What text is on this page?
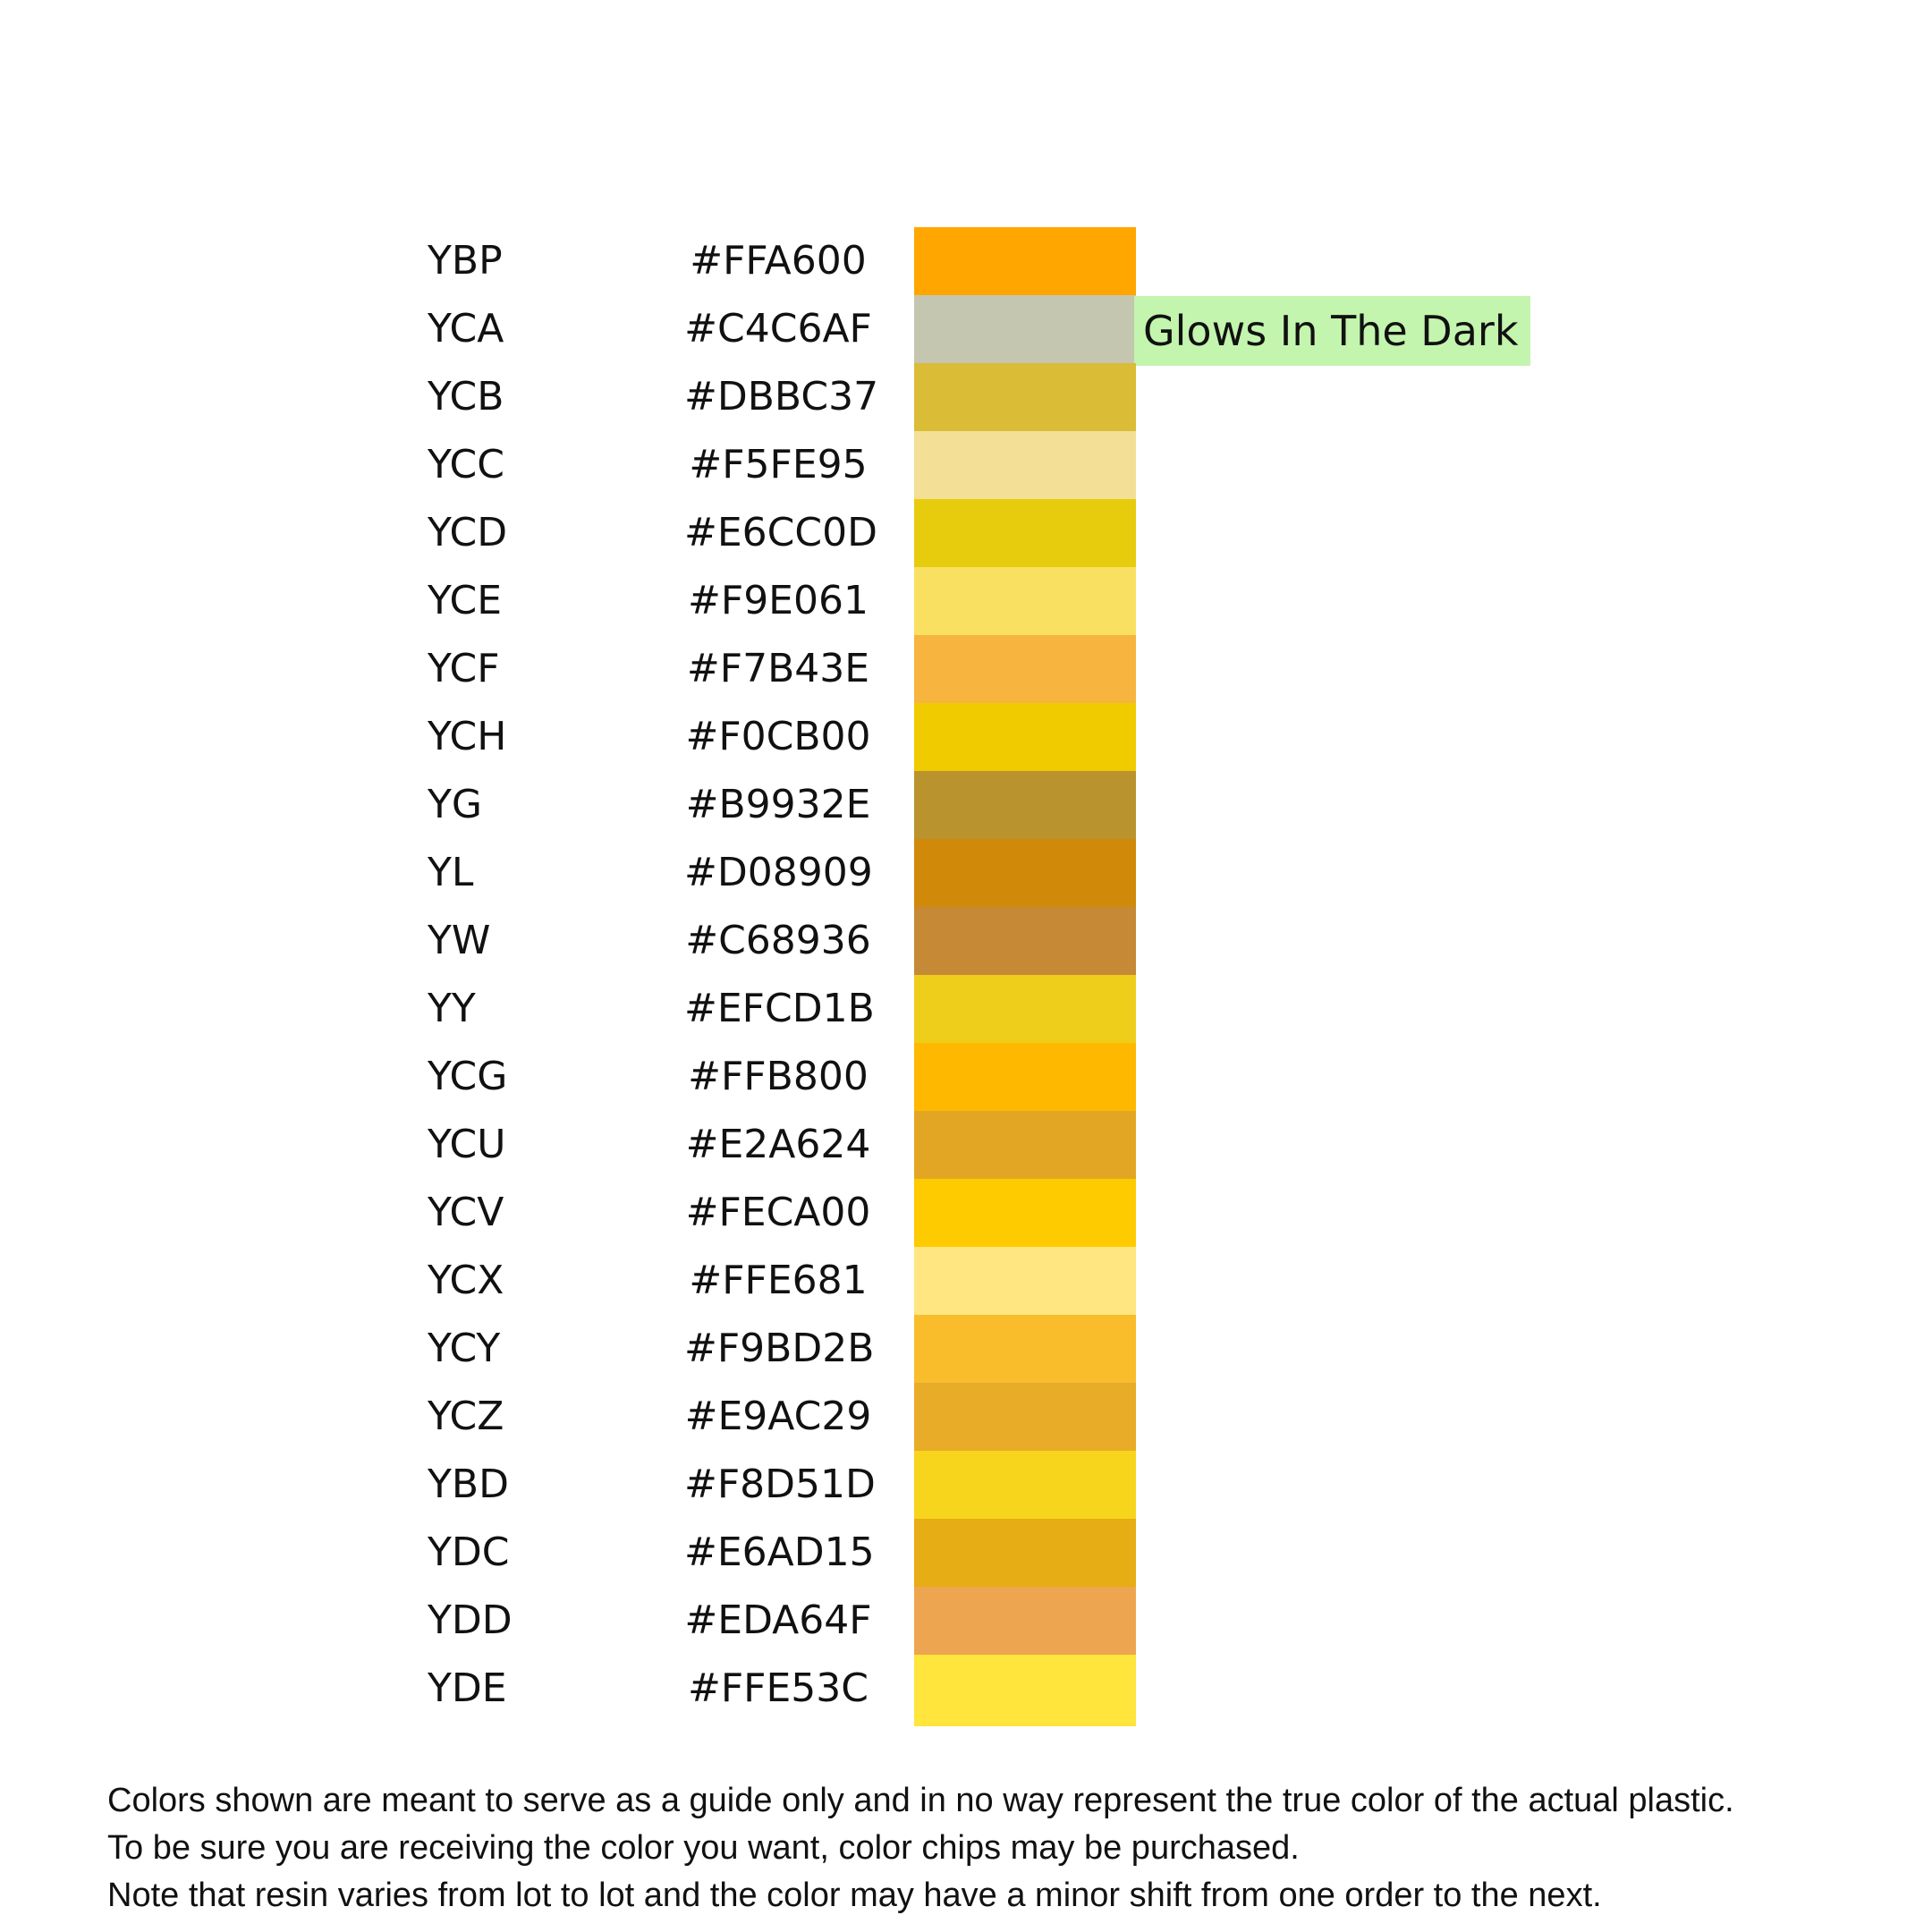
YBP	#FFA600
YCA	#C4C6AF	Glows In The Dark
YCB	#DBBC37
YCC	#F5FE95
YCD	#E6CC0D
YCE	#F9E061
YCF	#F7B43E
YCH	#F0CB00
YG	#B9932E
YL	#D08909
YW	#C68936
YY	#EFCD1B
YCG	#FFB800
YCU	#E2A624
YCV	#FECA00
YCX	#FFE681
YCY	#F9BD2B
YCZ	#E9AC29
YBD	#F8D51D
YDC	#E6AD15
YDD	#EDA64F
YDE	#FFE53C
Colors shown are meant to serve as a guide only and in no way represent the true color of the actual plastic.
To be sure you are receiving the color you want, color chips may be purchased.
Note that resin varies from lot to lot and the color may have a minor shift from one order to the next.
